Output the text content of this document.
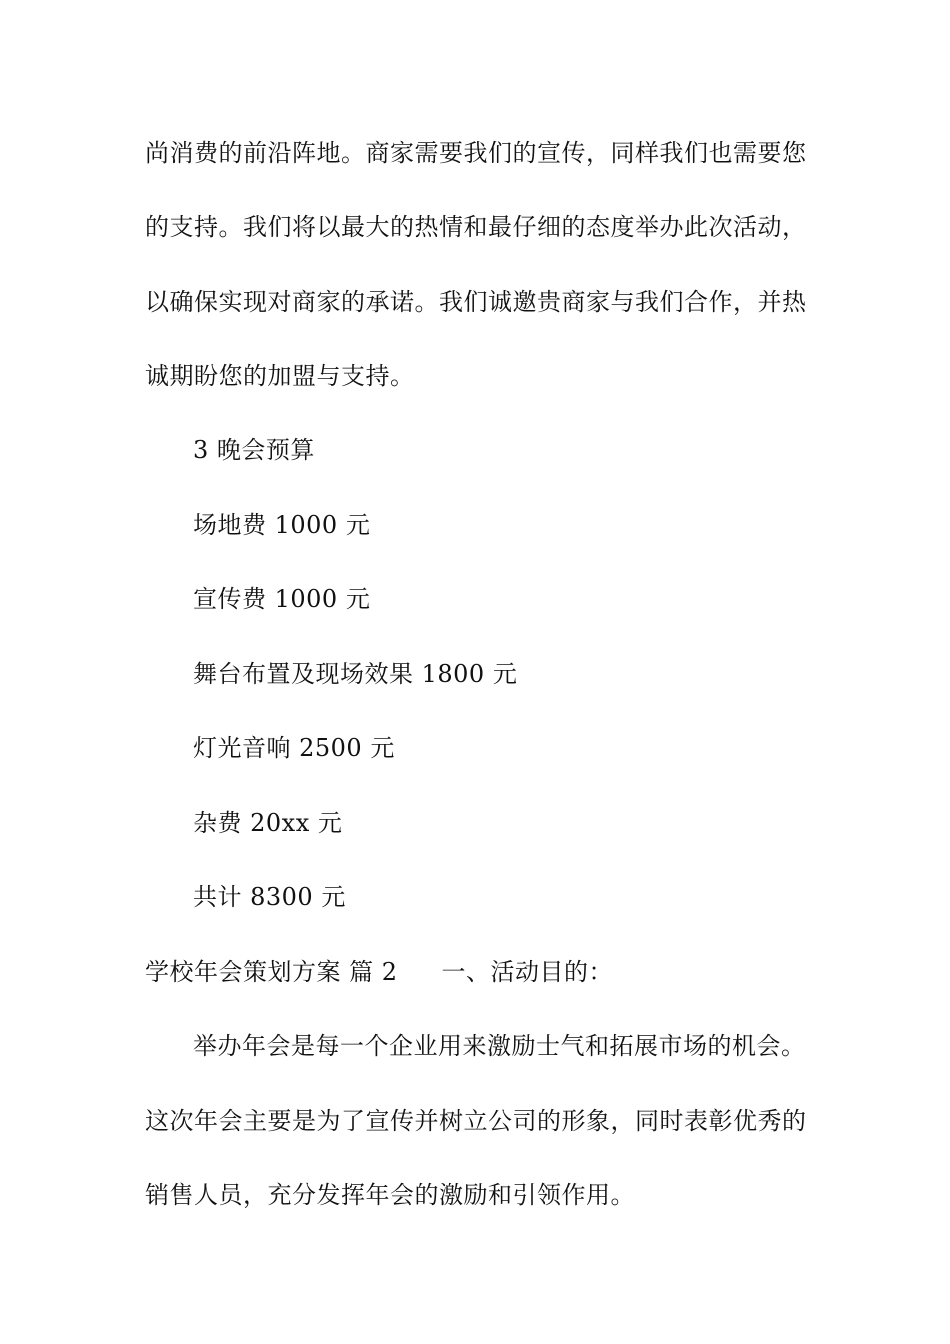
尚消费的前沿阵地。商家需要我们的宣传，同样我们也需要您
的支持。我们将以最大的热情和最仔细的态度举办此次活动，
以确保实现对商家的承诺。我们诚邀贵商家与我们合作，并热
诚期盼您的加盟与支持。
3 晚会预算
场地费 1000 元
宣传费 1000 元
舞台布置及现场效果 1800 元
灯光音响 2500 元
杂费 20xx 元
共计 8300 元
学校年会策划方案 篇 2 一、活动目的：
举办年会是每一个企业用来激励士气和拓展市场的机会。
这次年会主要是为了宣传并树立公司的形象，同时表彰优秀的
销售人员，充分发挥年会的激励和引领作用。
